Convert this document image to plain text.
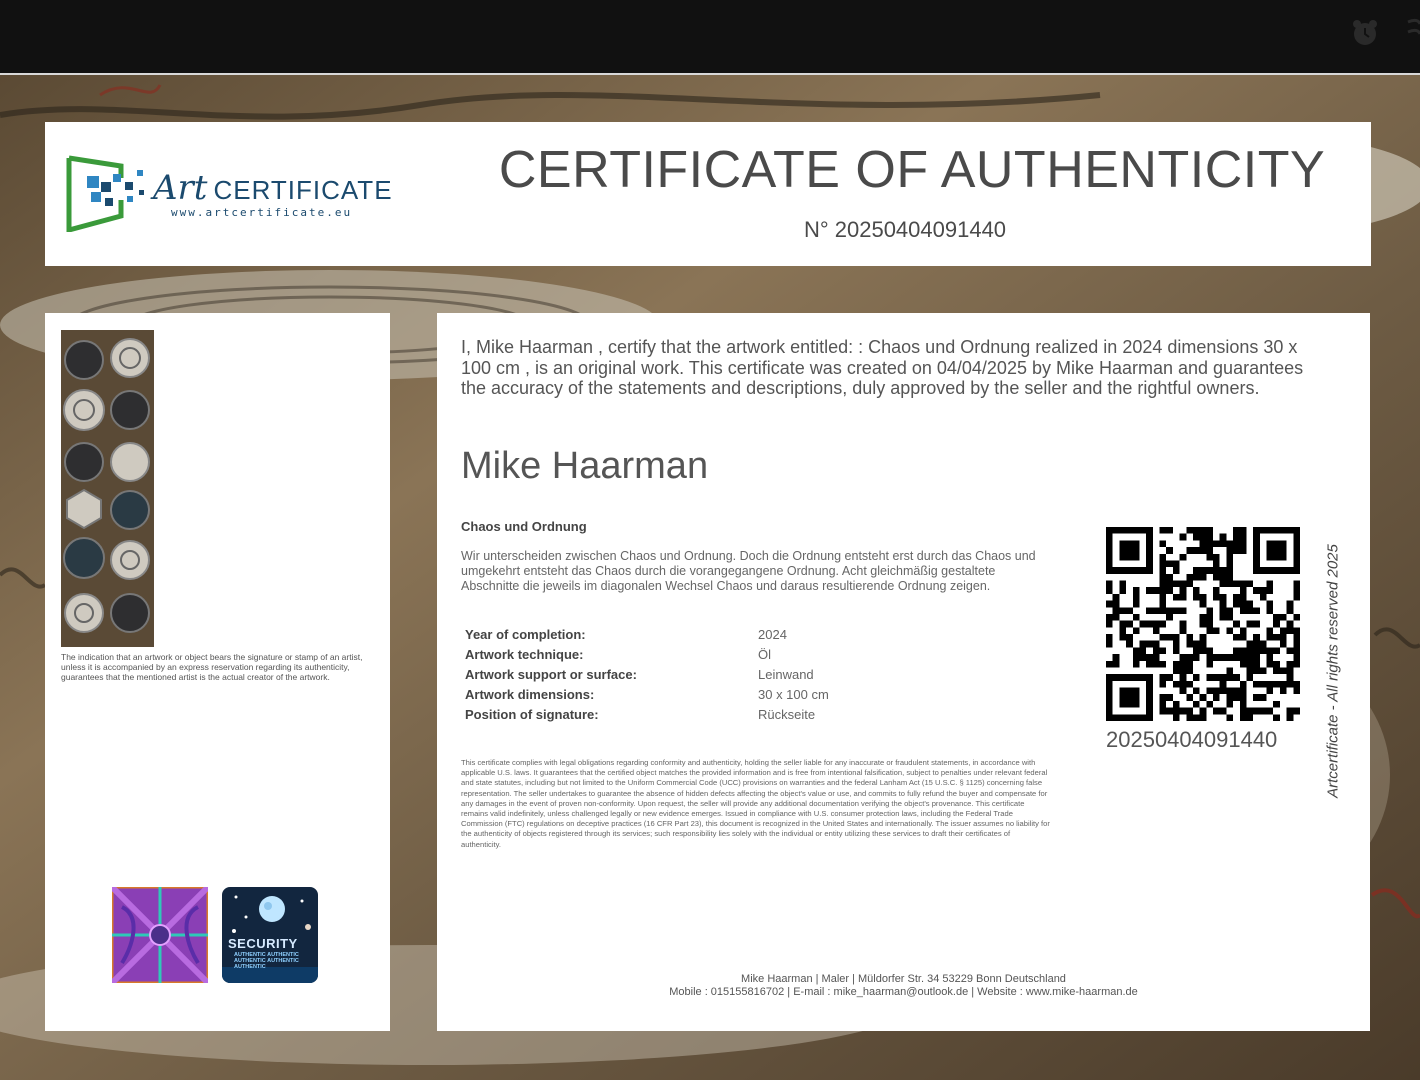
Art CERTIFICATE
www.artcertificate.eu
CERTIFICATE OF AUTHENTICITY
N° 20250404091440
The indication that an artwork or object bears the signature or stamp of an artist, unless it is accompanied by an express reservation regarding its authenticity, guarantees that the mentioned artist is the actual creator of the artwork.
SECURITY
AUTHENTIC AUTHENTIC AUTHENTIC AUTHENTIC AUTHENTIC
I, Mike Haarman , certify that the artwork entitled: : Chaos und Ordnung realized in 2024 dimensions 30 x 100 cm , is an original work. This certificate was created on 04/04/2025 by Mike Haarman and guarantees the accuracy of the statements and descriptions, duly approved by the seller and the rightful owners.
Mike Haarman
Chaos und Ordnung
Wir unterscheiden zwischen Chaos und Ordnung. Doch die Ordnung entsteht erst durch das Chaos und umgekehrt entsteht das Chaos durch die vorangegangene Ordnung. Acht gleichmäßig gestaltete Abschnitte die jeweils im diagonalen Wechsel Chaos und daraus resultierende Ordnung zeigen.
Year of completion:	2024
Artwork technique:	Öl
Artwork support or surface:	Leinwand
Artwork dimensions:	30 x 100 cm
Position of signature:	Rückseite
This certificate complies with legal obligations regarding conformity and authenticity, holding the seller liable for any inaccurate or fraudulent statements, in accordance with applicable U.S. laws. It guarantees that the certified object matches the provided information and is free from intentional falsification, subject to penalties under relevant federal and state statutes, including but not limited to the Uniform Commercial Code (UCC) provisions on warranties and the federal Lanham Act (15 U.S.C. § 1125) concerning false representation. The seller undertakes to guarantee the absence of hidden defects affecting the object's value or use, and commits to fully refund the buyer and compensate for any damages in the event of proven non-conformity. Upon request, the seller will provide any additional documentation verifying the object's provenance. This certificate remains valid indefinitely, unless challenged legally or new evidence emerges. Issued in compliance with U.S. consumer protection laws, including the Federal Trade Commission (FTC) regulations on deceptive practices (16 CFR Part 23), this document is recognized in the United States and internationally. The issuer assumes no liability for the authenticity of objects registered through its services; such responsibility lies solely with the individual or entity utilizing these services to draft their certificates of authenticity.
20250404091440	Artcertificate - All rights reserved 2025
Mike Haarman | Maler | Müldorfer Str. 34 53229 Bonn Deutschland
Mobile : 015155816702 | E-mail : mike_haarman@outlook.de | Website : www.mike-haarman.de
